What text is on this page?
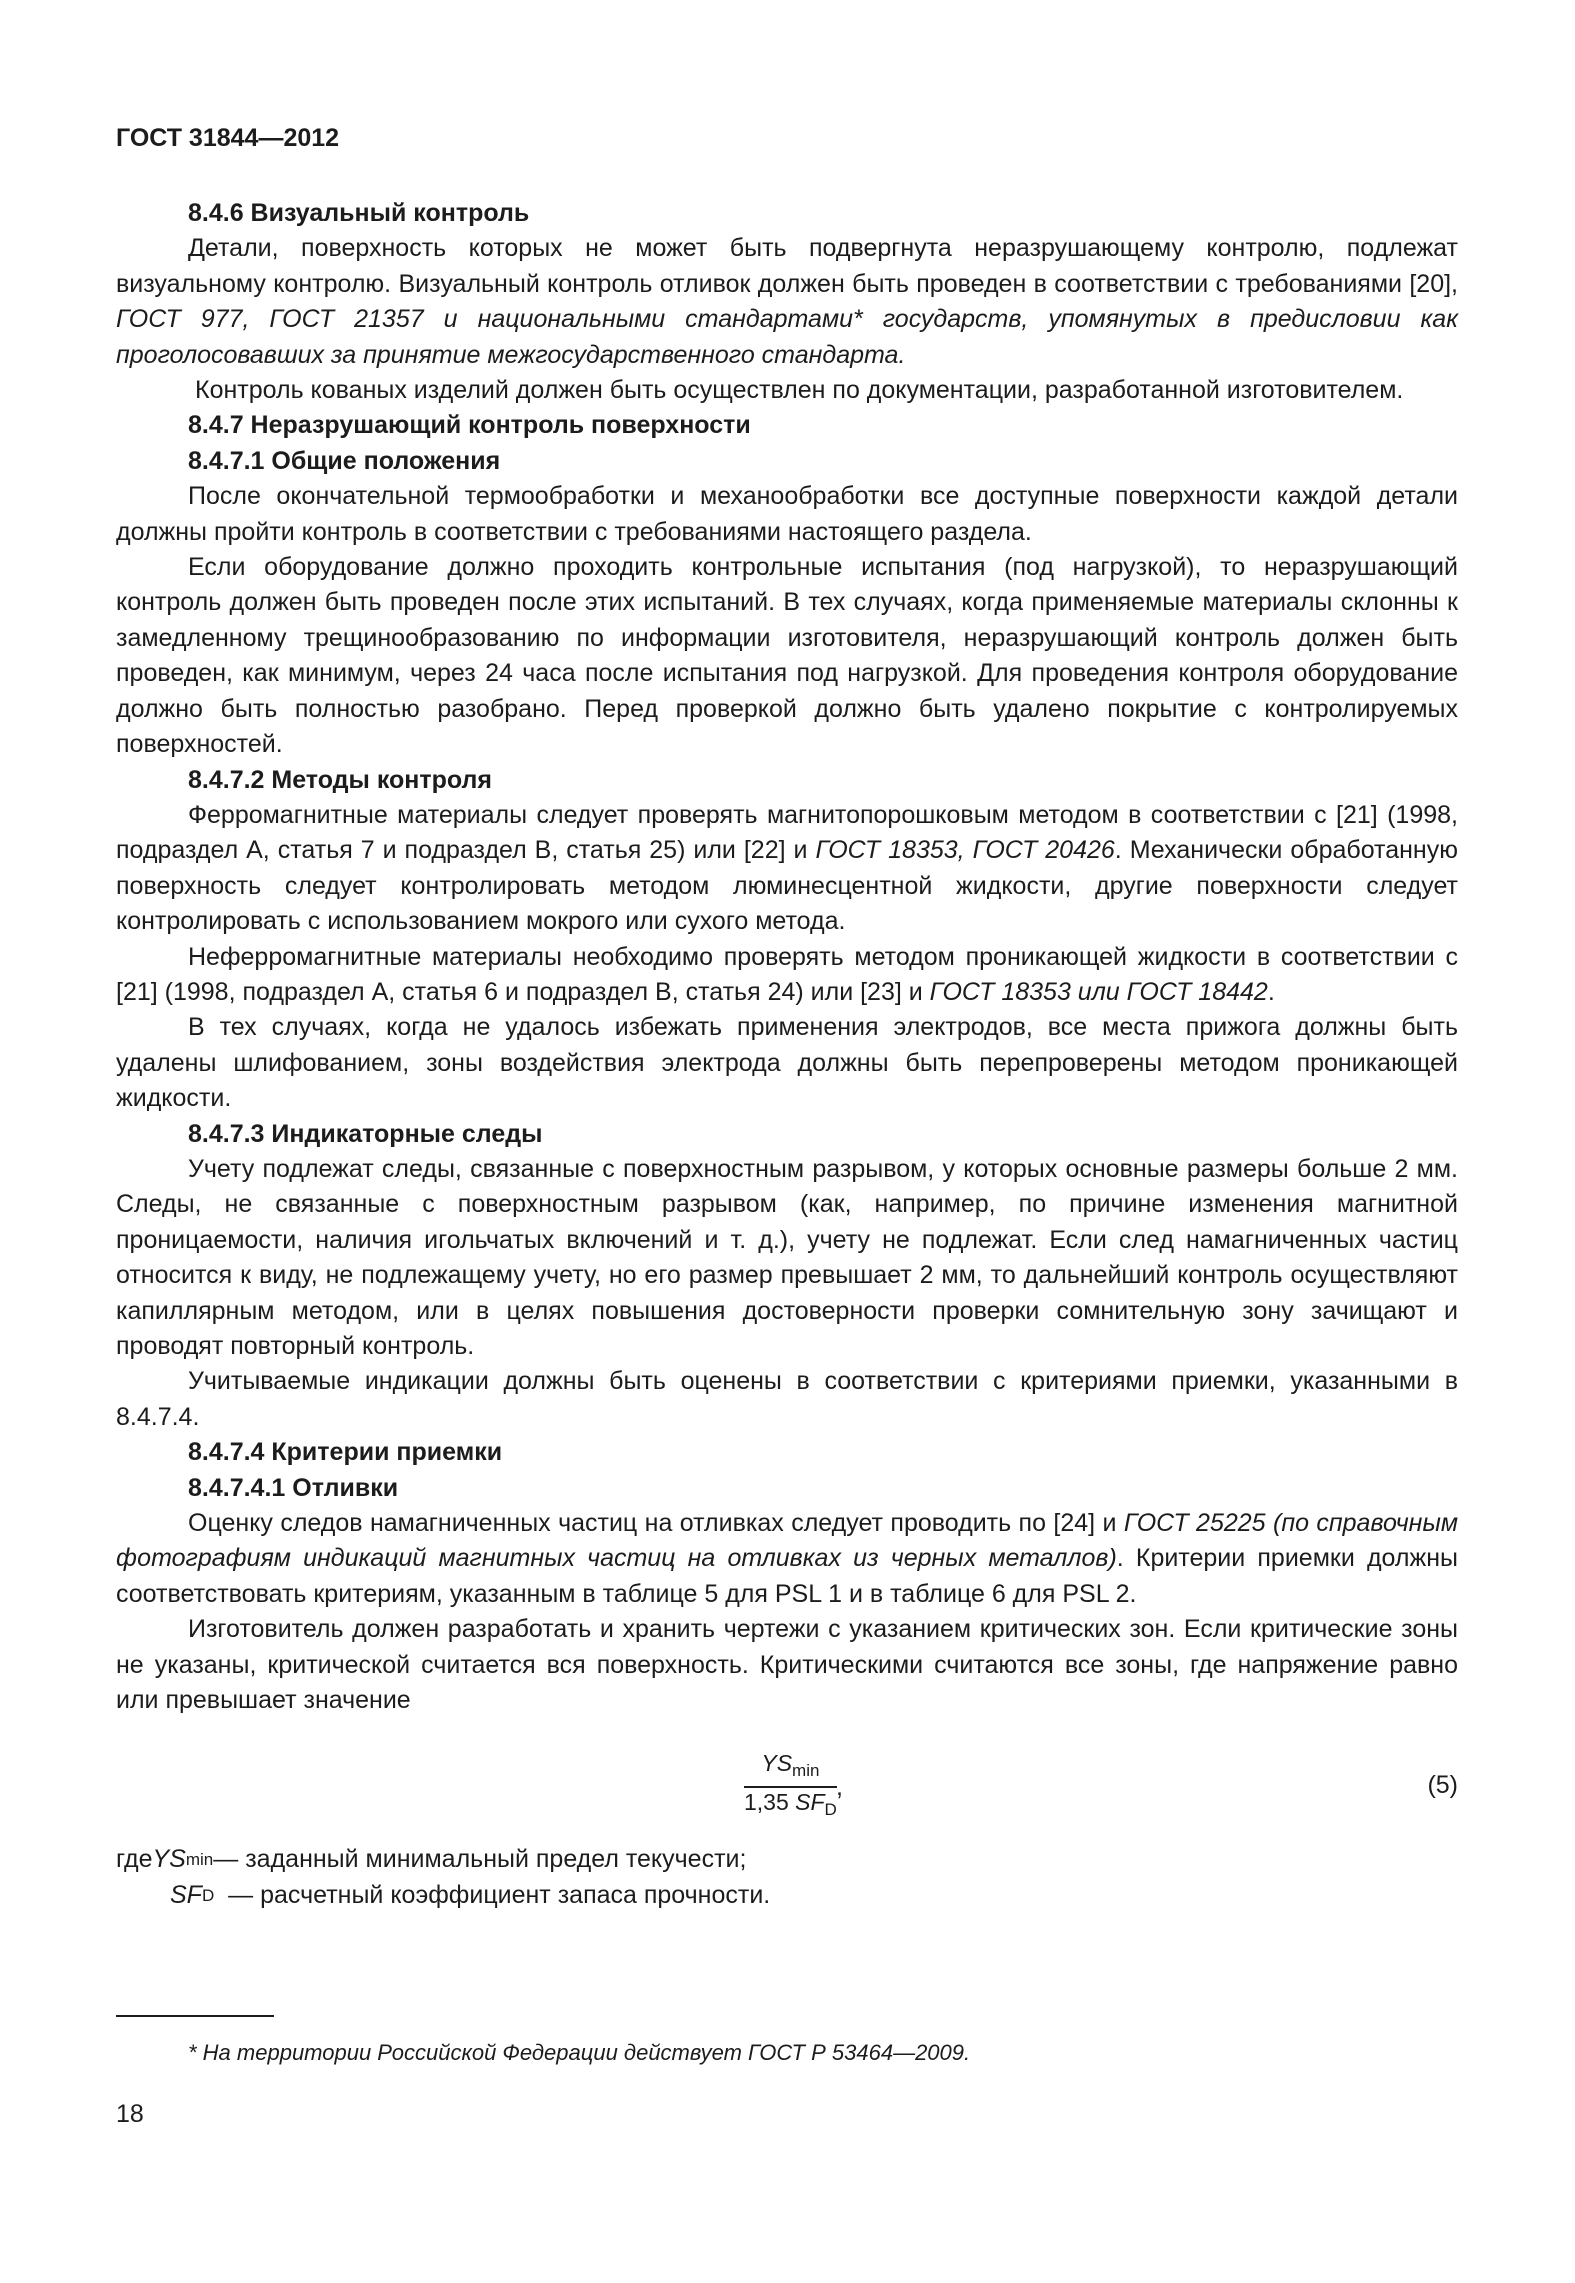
ГОСТ 31844—2012

8.4.6 Визуальный контроль

Детали, поверхность которых не может быть подвергнута неразрушающему контролю, подлежат визуальному контролю. Визуальный контроль отливок должен быть проведен в соответствии с требованиями [20], ГОСТ 977, ГОСТ 21357 и национальными стандартами* государств, упомянутых в предисловии как проголосовавших за принятие межгосударственного стандарта.

Контроль кованых изделий должен быть осуществлен по документации, разработанной изготовителем.

8.4.7 Неразрушающий контроль поверхности

8.4.7.1 Общие положения

После окончательной термообработки и механообработки все доступные поверхности каждой детали должны пройти контроль в соответствии с требованиями настоящего раздела.

Если оборудование должно проходить контрольные испытания (под нагрузкой), то неразрушающий контроль должен быть проведен после этих испытаний. В тех случаях, когда применяемые материалы склонны к замедленному трещинообразованию по информации изготовителя, неразрушающий контроль должен быть проведен, как минимум, через 24 часа после испытания под нагрузкой. Для проведения контроля оборудование должно быть полностью разобрано. Перед проверкой должно быть удалено покрытие с контролируемых поверхностей.

8.4.7.2 Методы контроля

Ферромагнитные материалы следует проверять магнитопорошковым методом в соответствии с [21] (1998, подраздел А, статья 7 и подраздел В, статья 25) или [22] и ГОСТ 18353, ГОСТ 20426. Механически обработанную поверхность следует контролировать методом люминесцентной жидкости, другие поверхности следует контролировать с использованием мокрого или сухого метода.

Неферромагнитные материалы необходимо проверять методом проникающей жидкости в соответствии с [21] (1998, подраздел А, статья 6 и подраздел В, статья 24) или [23] и ГОСТ 18353 или ГОСТ 18442.

В тех случаях, когда не удалось избежать применения электродов, все места прижога должны быть удалены шлифованием, зоны воздействия электрода должны быть перепроверены методом проникающей жидкости.

8.4.7.3 Индикаторные следы

Учету подлежат следы, связанные с поверхностным разрывом, у которых основные размеры больше 2 мм. Следы, не связанные с поверхностным разрывом (как, например, по причине изменения магнитной проницаемости, наличия игольчатых включений и т. д.), учету не подлежат. Если след намагниченных частиц относится к виду, не подлежащему учету, но его размер превышает 2 мм, то дальнейший контроль осуществляют капиллярным методом, или в целях повышения достоверности проверки сомнительную зону зачищают и проводят повторный контроль.

Учитываемые индикации должны быть оценены в соответствии с критериями приемки, указанными в 8.4.7.4.

8.4.7.4 Критерии приемки

8.4.7.4.1 Отливки

Оценку следов намагниченных частиц на отливках следует проводить по [24] и ГОСТ 25225 (по справочным фотографиям индикаций магнитных частиц на отливках из черных металлов). Критерии приемки должны соответствовать критериям, указанным в таблице 5 для PSL 1 и в таблице 6 для PSL 2.

Изготовитель должен разработать и хранить чертежи с указанием критических зон. Если критические зоны не указаны, критической считается вся поверхность. Критическими считаются все зоны, где напряжение равно или превышает значение

$YS_{min}$
1,35 $SF_D$
,	(5)
где YS min — заданный минимальный предел текучести;
SF D — расчетный коэффициент запаса прочности.
* На территории Российской Федерации действует ГОСТ Р 53464—2009.
18
